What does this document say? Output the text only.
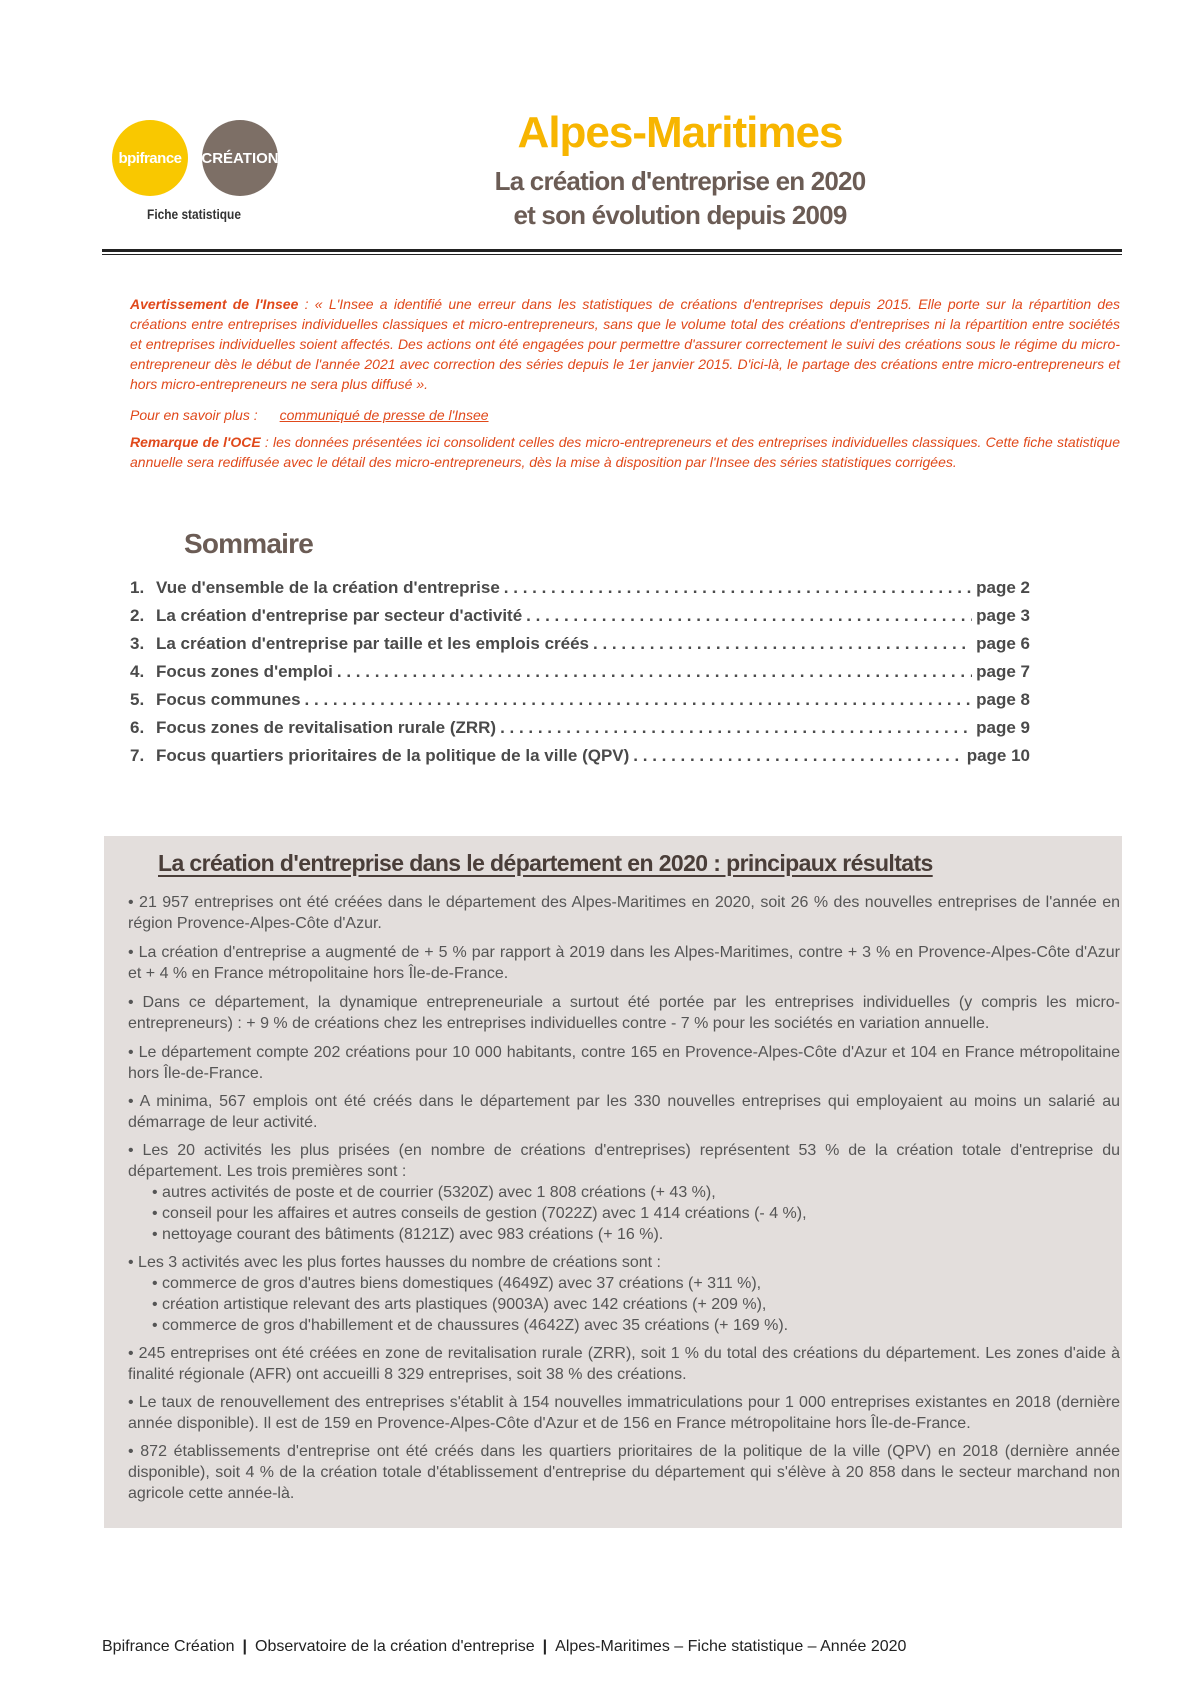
bpifrance CRÉATION
Fiche statistique
Alpes-Maritimes
La création d'entreprise en 2020
et son évolution depuis 2009
Avertissement de l'Insee : « L'Insee a identifié une erreur dans les statistiques de créations d'entreprises depuis 2015. Elle porte sur la répartition des créations entre entreprises individuelles classiques et micro-entrepreneurs, sans que le volume total des créations d'entreprises ni la répartition entre sociétés et entreprises individuelles soient affectés. Des actions ont été engagées pour permettre d'assurer correctement le suivi des créations sous le régime du micro-entrepreneur dès le début de l'année 2021 avec correction des séries depuis le 1er janvier 2015. D'ici-là, le partage des créations entre micro-entrepreneurs et hors micro-entrepreneurs ne sera plus diffusé ».
Pour en savoir plus : communiqué de presse de l'Insee
Remarque de l'OCE : les données présentées ici consolident celles des micro-entrepreneurs et des entreprises individuelles classiques. Cette fiche statistique annuelle sera rediffusée avec le détail des micro-entrepreneurs, dès la mise à disposition par l'Insee des séries statistiques corrigées.
Sommaire
1. Vue d'ensemble de la création d'entreprise . . .	page 2
2. La création d'entreprise par secteur d'activité . . .	page 3
3. La création d'entreprise par taille et les emplois créés . . .	page 6
4. Focus zones d'emploi . . .	page 7
5. Focus communes . . .	page 8
6. Focus zones de revitalisation rurale (ZRR) . . .	page 9
7. Focus quartiers prioritaires de la politique de la ville (QPV) . . .	page 10
La création d'entreprise dans le département en 2020 : principaux résultats
• 21 957 entreprises ont été créées dans le département des Alpes-Maritimes en 2020, soit 26 % des nouvelles entreprises de l'année en région Provence-Alpes-Côte d'Azur.
• La création d'entreprise a augmenté de + 5 % par rapport à 2019 dans les Alpes-Maritimes, contre + 3 % en Provence-Alpes-Côte d'Azur et + 4 % en France métropolitaine hors Île-de-France.
• Dans ce département, la dynamique entrepreneuriale a surtout été portée par les entreprises individuelles (y compris les micro-entrepreneurs) : + 9 % de créations chez les entreprises individuelles contre - 7 % pour les sociétés en variation annuelle.
• Le département compte 202 créations pour 10 000 habitants, contre 165 en Provence-Alpes-Côte d'Azur et 104 en France métropolitaine hors Île-de-France.
• A minima, 567 emplois ont été créés dans le département par les 330 nouvelles entreprises qui employaient au moins un salarié au démarrage de leur activité.
• Les 20 activités les plus prisées (en nombre de créations d'entreprises) représentent 53 % de la création totale d'entreprise du département. Les trois premières sont :
• autres activités de poste et de courrier (5320Z) avec 1 808 créations (+ 43 %),
• conseil pour les affaires et autres conseils de gestion (7022Z) avec 1 414 créations (- 4 %),
• nettoyage courant des bâtiments (8121Z) avec 983 créations (+ 16 %).
• Les 3 activités avec les plus fortes hausses du nombre de créations sont :
• commerce de gros d'autres biens domestiques (4649Z) avec 37 créations (+ 311 %),
• création artistique relevant des arts plastiques (9003A) avec 142 créations (+ 209 %),
• commerce de gros d'habillement et de chaussures (4642Z) avec 35 créations (+ 169 %).
• 245 entreprises ont été créées en zone de revitalisation rurale (ZRR), soit 1 % du total des créations du département. Les zones d'aide à finalité régionale (AFR) ont accueilli 8 329 entreprises, soit 38 % des créations.
• Le taux de renouvellement des entreprises s'établit à 154 nouvelles immatriculations pour 1 000 entreprises existantes en 2018 (dernière année disponible). Il est de 159 en Provence-Alpes-Côte d'Azur et de 156 en France métropolitaine hors Île-de-France.
• 872 établissements d'entreprise ont été créés dans les quartiers prioritaires de la politique de la ville (QPV) en 2018 (dernière année disponible), soit 4 % de la création totale d'établissement d'entreprise du département qui s'élève à 20 858 dans le secteur marchand non agricole cette année-là.
Bpifrance Création | Observatoire de la création d'entreprise | Alpes-Maritimes – Fiche statistique – Année 2020
